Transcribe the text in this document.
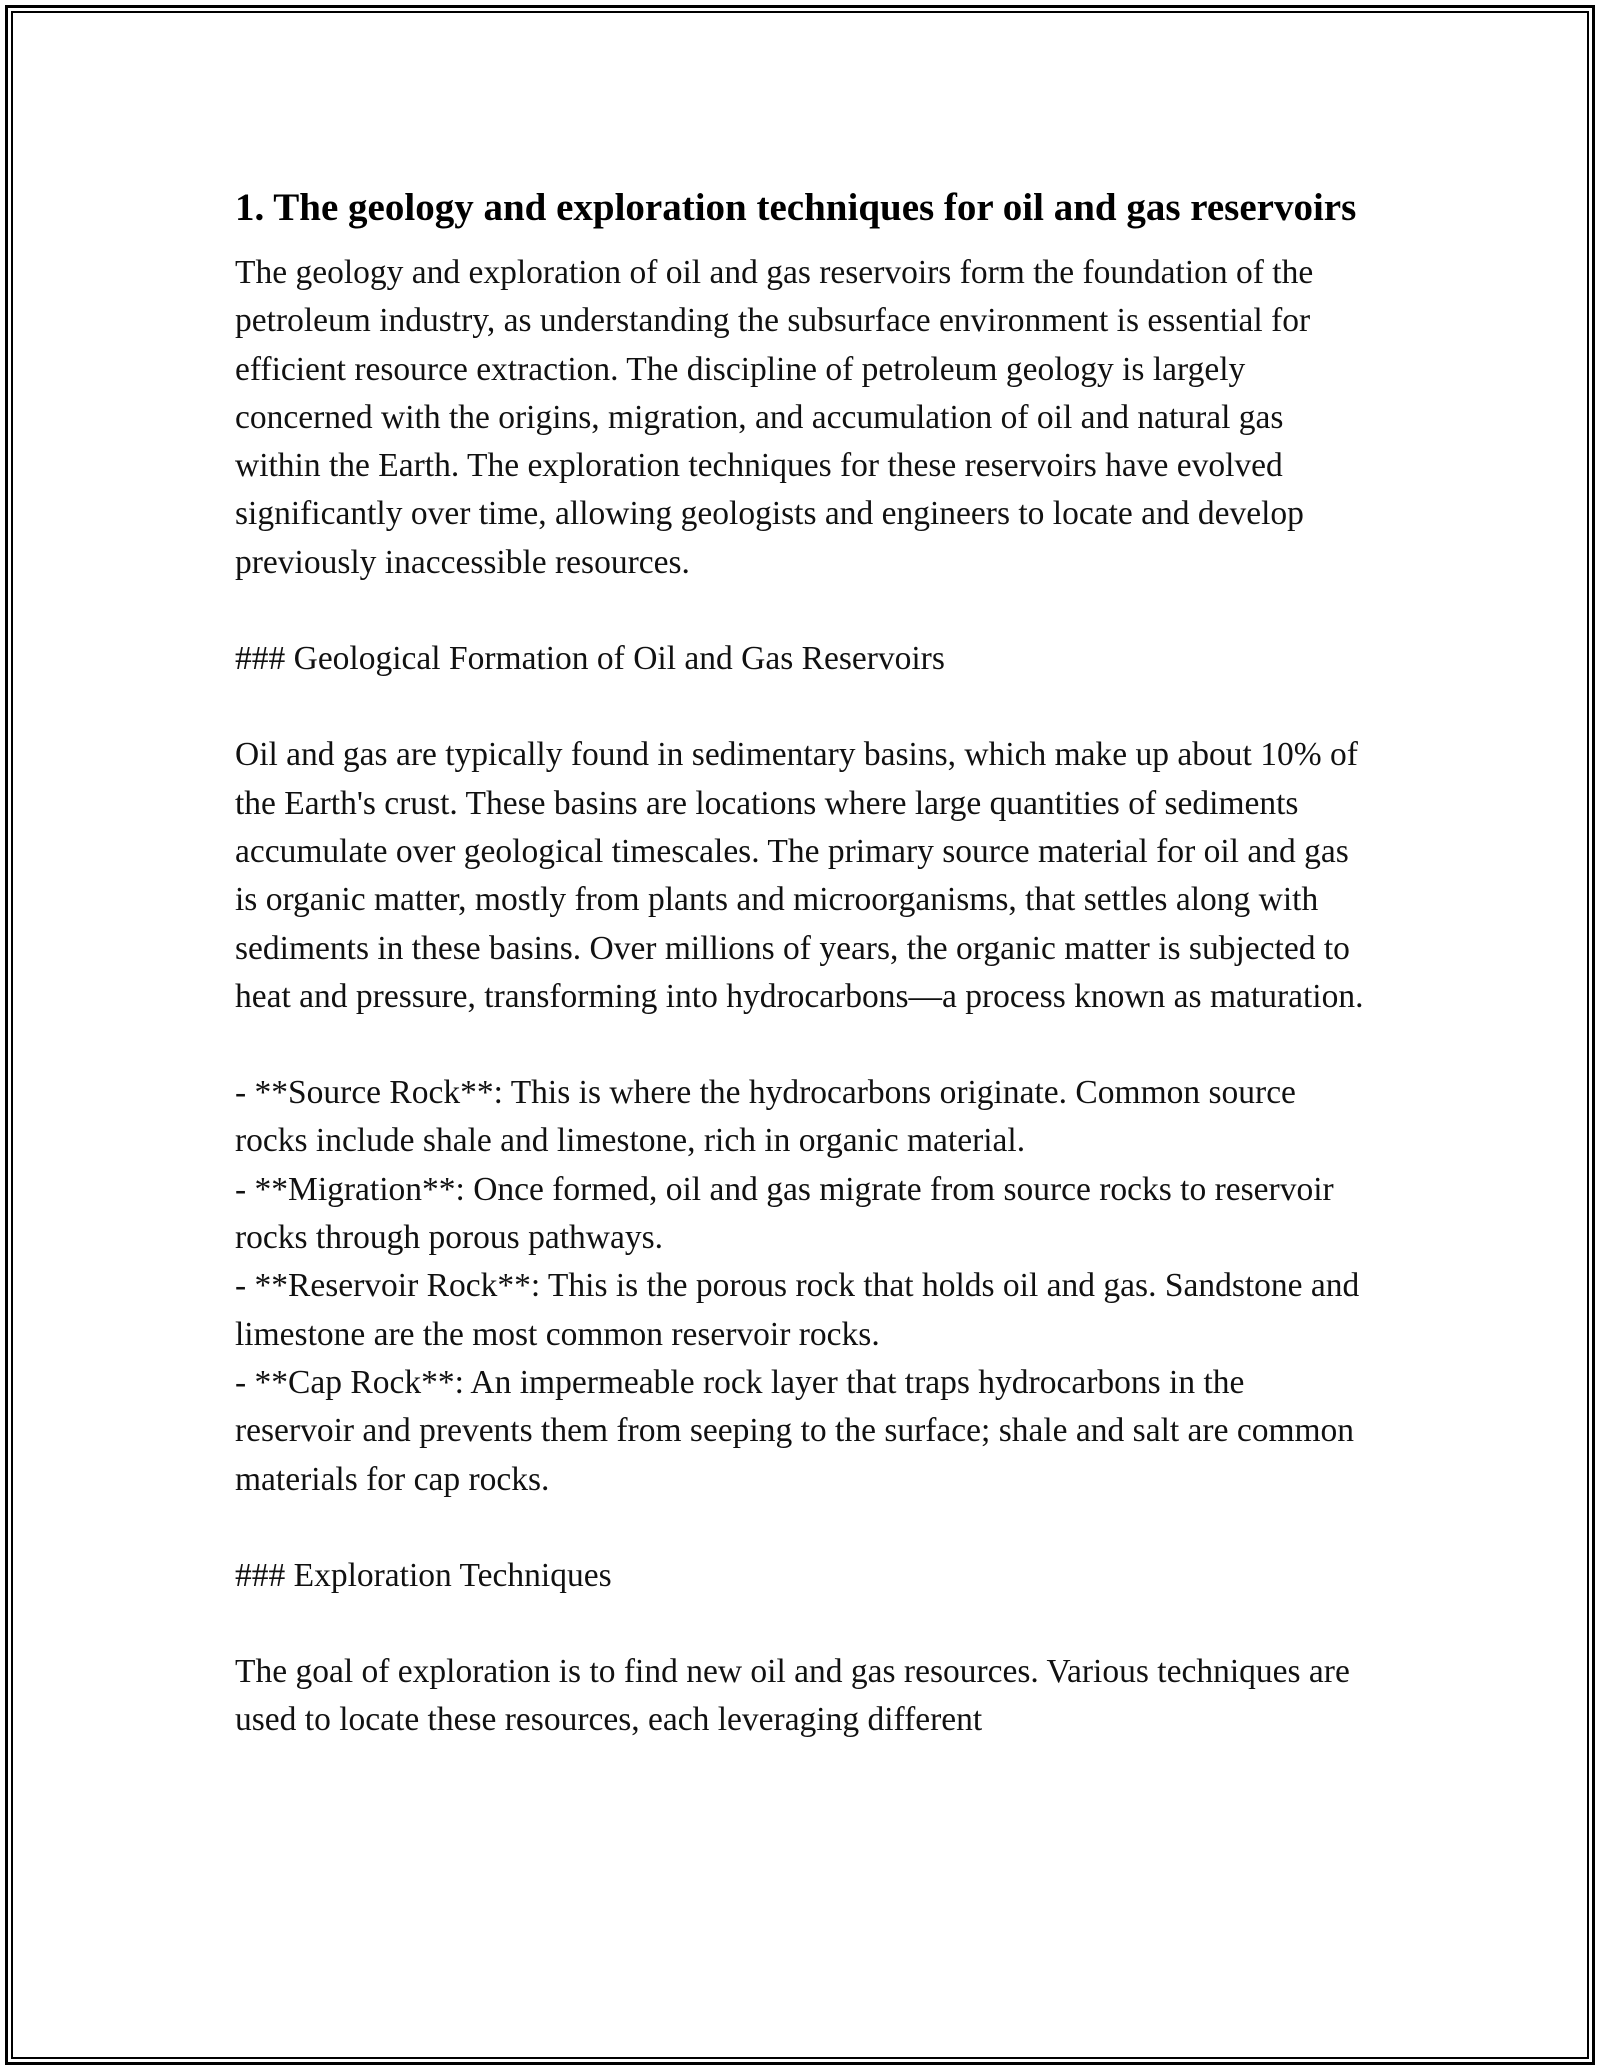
1. The geology and exploration techniques for oil and gas reservoirs

The geology and exploration of oil and gas reservoirs form the foundation of the petroleum industry, as understanding the subsurface environment is essential for efficient resource extraction. The discipline of petroleum geology is largely concerned with the origins, migration, and accumulation of oil and natural gas within the Earth. The exploration techniques for these reservoirs have evolved significantly over time, allowing geologists and engineers to locate and develop previously inaccessible resources.

### Geological Formation of Oil and Gas Reservoirs

Oil and gas are typically found in sedimentary basins, which make up about 10% of the Earth's crust. These basins are locations where large quantities of sediments accumulate over geological timescales. The primary source material for oil and gas is organic matter, mostly from plants and microorganisms, that settles along with sediments in these basins. Over millions of years, the organic matter is subjected to heat and pressure, transforming into hydrocarbons—a process known as maturation.

- **Source Rock**: This is where the hydrocarbons originate. Common source rocks include shale and limestone, rich in organic material.
- **Migration**: Once formed, oil and gas migrate from source rocks to reservoir rocks through porous pathways.
- **Reservoir Rock**: This is the porous rock that holds oil and gas. Sandstone and limestone are the most common reservoir rocks.
- **Cap Rock**: An impermeable rock layer that traps hydrocarbons in the reservoir and prevents them from seeping to the surface; shale and salt are common materials for cap rocks.

### Exploration Techniques

The goal of exploration is to find new oil and gas resources. Various techniques are used to locate these resources, each leveraging different
